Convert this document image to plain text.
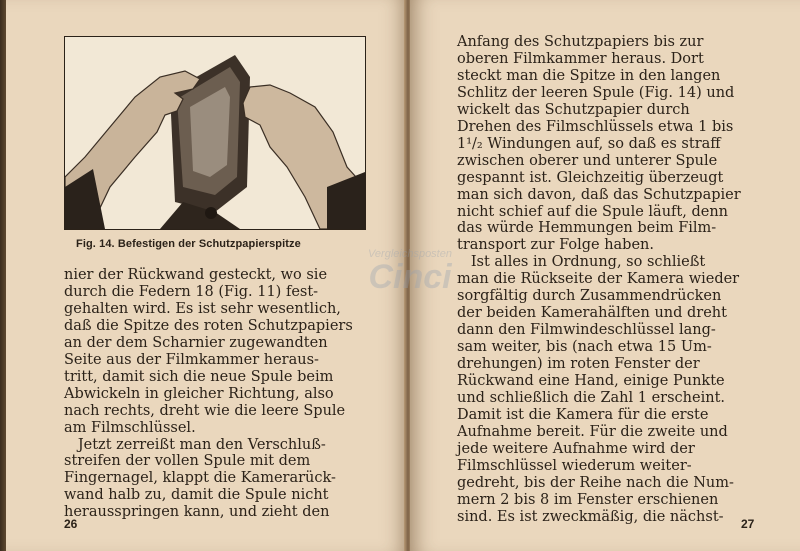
Fig. 14. Befestigen der Schutzpapierspitze
nier der Rückwand gesteckt, wo sie
durch die Federn 18 (Fig. 11) fest-
gehalten wird. Es ist sehr wesentlich,
daß die Spitze des roten Schutzpapiers
an der dem Scharnier zugewandten
Seite aus der Filmkammer heraus-
tritt, damit sich die neue Spule beim
Abwickeln in gleicher Richtung, also
nach rechts, dreht wie die leere Spule
am Filmschlüssel.
Jetzt zerreißt man den Verschluß-
streifen der vollen Spule mit dem
Fingernagel, klappt die Kamerarück-
wand halb zu, damit die Spule nicht
herausspringen kann, und zieht den
26
Anfang des Schutzpapiers bis zur
oberen Filmkammer heraus. Dort
steckt man die Spitze in den langen
Schlitz der leeren Spule (Fig. 14) und
wickelt das Schutzpapier durch
Drehen des Filmschlüssels etwa 1 bis
1¹/₂ Windungen auf, so daß es straff
zwischen oberer und unterer Spule
gespannt ist. Gleichzeitig überzeugt
man sich davon, daß das Schutzpapier
nicht schief auf die Spule läuft, denn
das würde Hemmungen beim Film-
transport zur Folge haben.
Ist alles in Ordnung, so schließt
man die Rückseite der Kamera wieder
sorgfältig durch Zusammendrücken
der beiden Kamerahälften und dreht
dann den Filmwindeschlüssel lang-
sam weiter, bis (nach etwa 15 Um-
drehungen) im roten Fenster der
Rückwand eine Hand, einige Punkte
und schließlich die Zahl 1 erscheint.
Damit ist die Kamera für die erste
Aufnahme bereit. Für die zweite und
jede weitere Aufnahme wird der
Filmschlüssel wiederum weiter-
gedreht, bis der Reihe nach die Num-
mern 2 bis 8 im Fenster erschienen
sind. Es ist zweckmäßig, die nächst-	27
Vergleichsposten
Cinci
